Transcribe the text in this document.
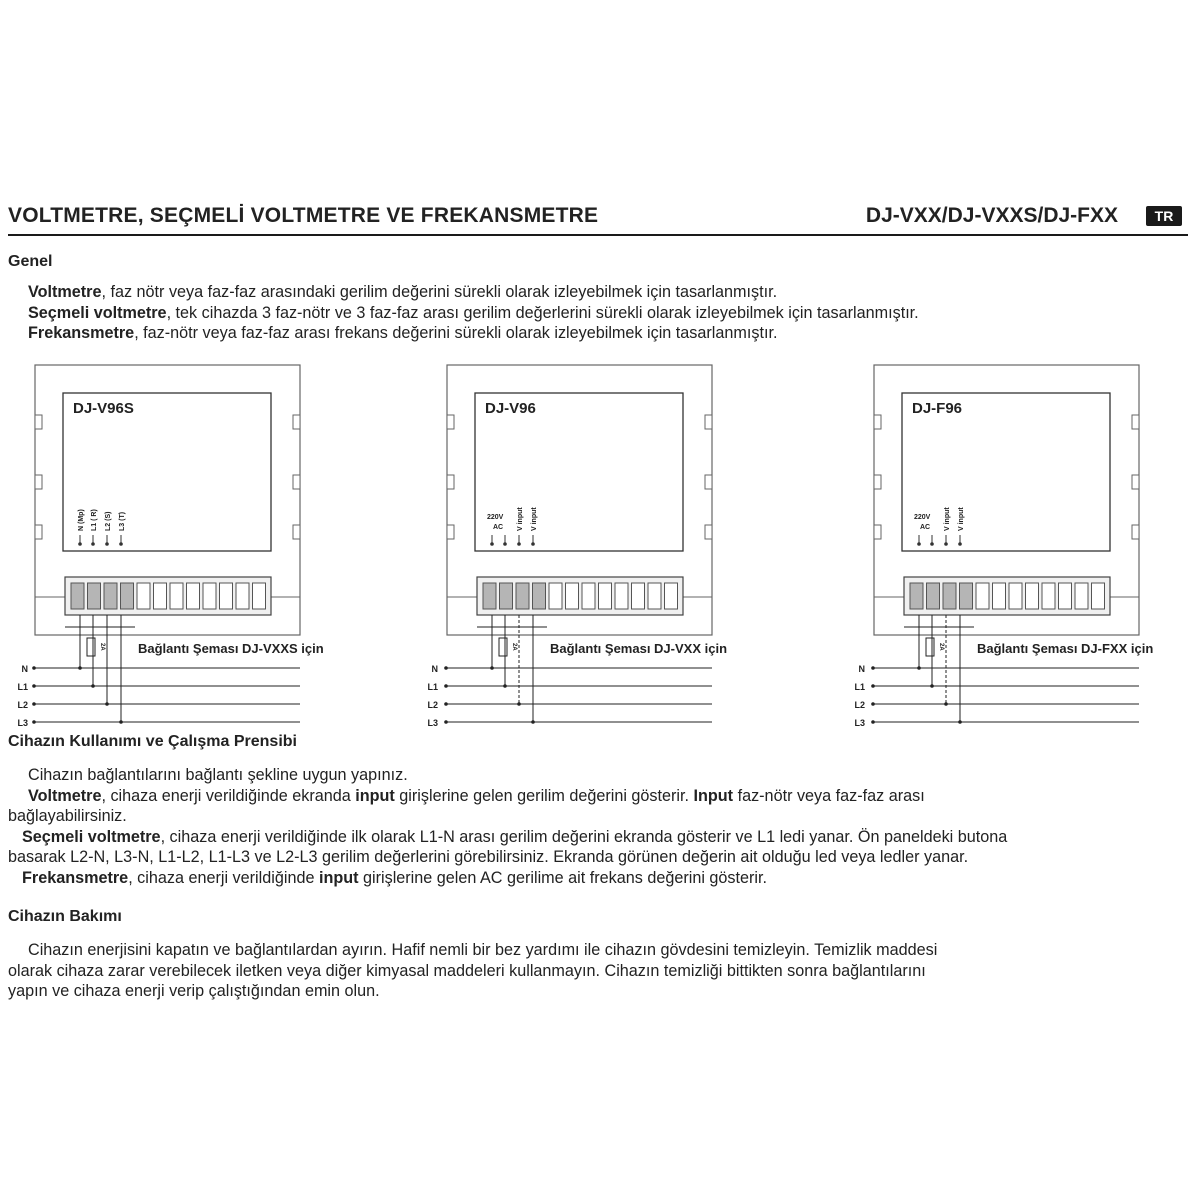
VOLTMETRE, SEÇMELİ VOLTMETRE VE FREKANSMETRE	DJ-VXX/DJ-VXXS/DJ-FXX	TR
Genel
Voltmetre, faz nötr veya faz-faz arasındaki gerilim değerini sürekli olarak izleyebilmek için tasarlanmıştır.
Seçmeli voltmetre, tek cihazda 3 faz-nötr ve 3 faz-faz arası gerilim değerlerini sürekli olarak izleyebilmek için tasarlanmıştır.
Frekansmetre, faz-nötr veya faz-faz arası frekans değerini sürekli olarak izleyebilmek için tasarlanmıştır.
DJ-V96S
N (Mp) L1 ( R) L2 (S) L3 (T)
N
L1
L2
L3
2A	Bağlantı Şeması DJ-VXXS için
DJ-V96
220V
AC V input V input
N
L1
L2
L3
2A	Bağlantı Şeması DJ-VXX için
DJ-F96
220V
AC V input V input
N
L1
L2
L3
2A	Bağlantı Şeması DJ-FXX için
Cihazın Kullanımı ve Çalışma Prensibi
Cihazın bağlantılarını bağlantı şekline uygun yapınız.
Voltmetre, cihaza enerji verildiğinde ekranda input girişlerine gelen gerilim değerini gösterir. Input faz-nötr veya faz-faz arası
bağlayabilirsiniz.
Seçmeli voltmetre, cihaza enerji verildiğinde ilk olarak L1-N arası gerilim değerini ekranda gösterir ve L1 ledi yanar. Ön paneldeki butona
basarak L2-N, L3-N, L1-L2, L1-L3 ve L2-L3 gerilim değerlerini görebilirsiniz. Ekranda görünen değerin ait olduğu led veya ledler yanar.
Frekansmetre, cihaza enerji verildiğinde input girişlerine gelen AC gerilime ait frekans değerini gösterir.
Cihazın Bakımı
Cihazın enerjisini kapatın ve bağlantılardan ayırın. Hafif nemli bir bez yardımı ile cihazın gövdesini temizleyin. Temizlik maddesi
olarak cihaza zarar verebilecek iletken veya diğer kimyasal maddeleri kullanmayın. Cihazın temizliği bittikten sonra bağlantılarını
yapın ve cihaza enerji verip çalıştığından emin olun.
